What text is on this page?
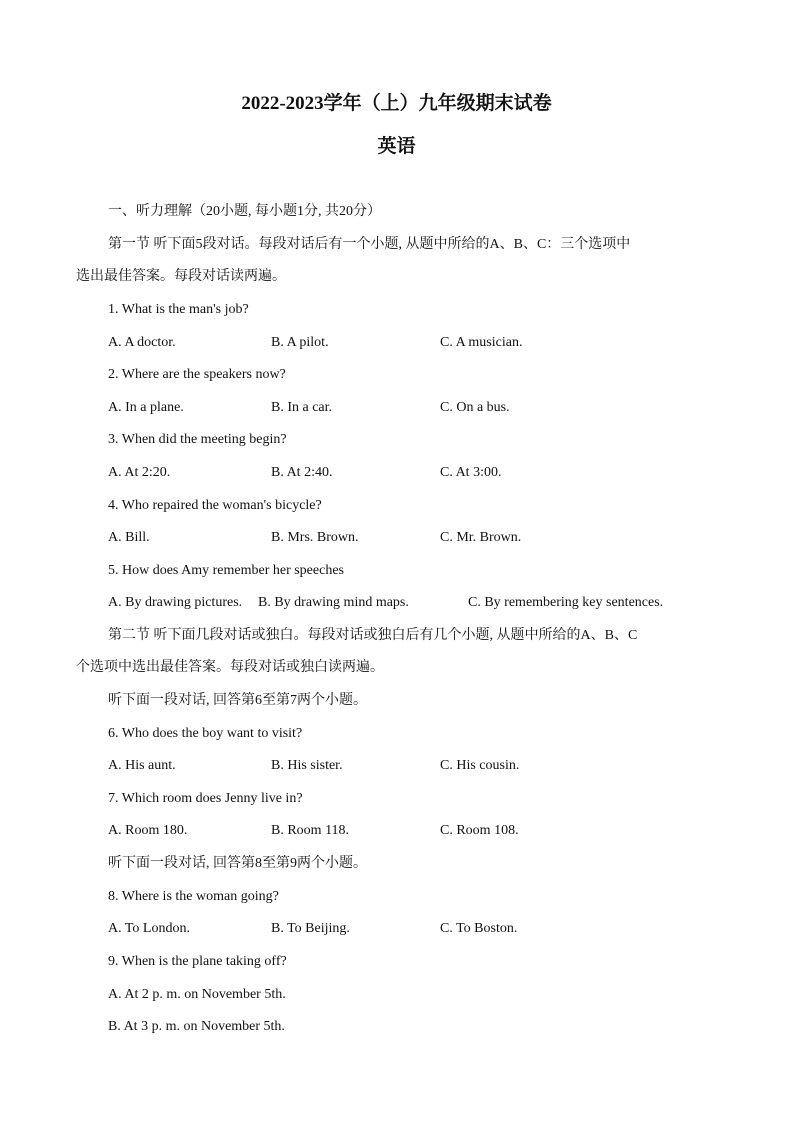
2022-2023学年（上）九年级期末试卷
英语

一、听力理解（20小题, 每小题1分, 共20分）

第一节 听下面5段对话。每段对话后有一个小题, 从题中所给的A、B、C：三个选项中

选出最佳答案。每段对话读两遍。

1. What is the man's job?

A. A doctor.	B. A pilot.	C. A musician.

2. Where are the speakers now?

A. In a plane.	B. In a car.	C. On a bus.

3. When did the meeting begin?

A. At 2:20.	B. At 2:40.	C. At 3:00.

4. Who repaired the woman's bicycle?

A. Bill.	B. Mrs. Brown.	C. Mr. Brown.

5. How does Amy remember her speeches

A. By drawing pictures. B. By drawing mind maps.	C. By remembering key sentences.

第二节 听下面几段对话或独白。每段对话或独白后有几个小题, 从题中所给的A、B、C

个选项中选出最佳答案。每段对话或独白读两遍。

听下面一段对话, 回答第6至第7两个小题。

6. Who does the boy want to visit?

A. His aunt.	B. His sister.	C. His cousin.

7. Which room does Jenny live in?

A. Room 180.	B. Room 118.	C. Room 108.

听下面一段对话, 回答第8至第9两个小题。

8. Where is the woman going?

A. To London.	B. To Beijing.	C. To Boston.

9. When is the plane taking off?

A. At 2 p. m. on November 5th.

B. At 3 p. m. on November 5th.
